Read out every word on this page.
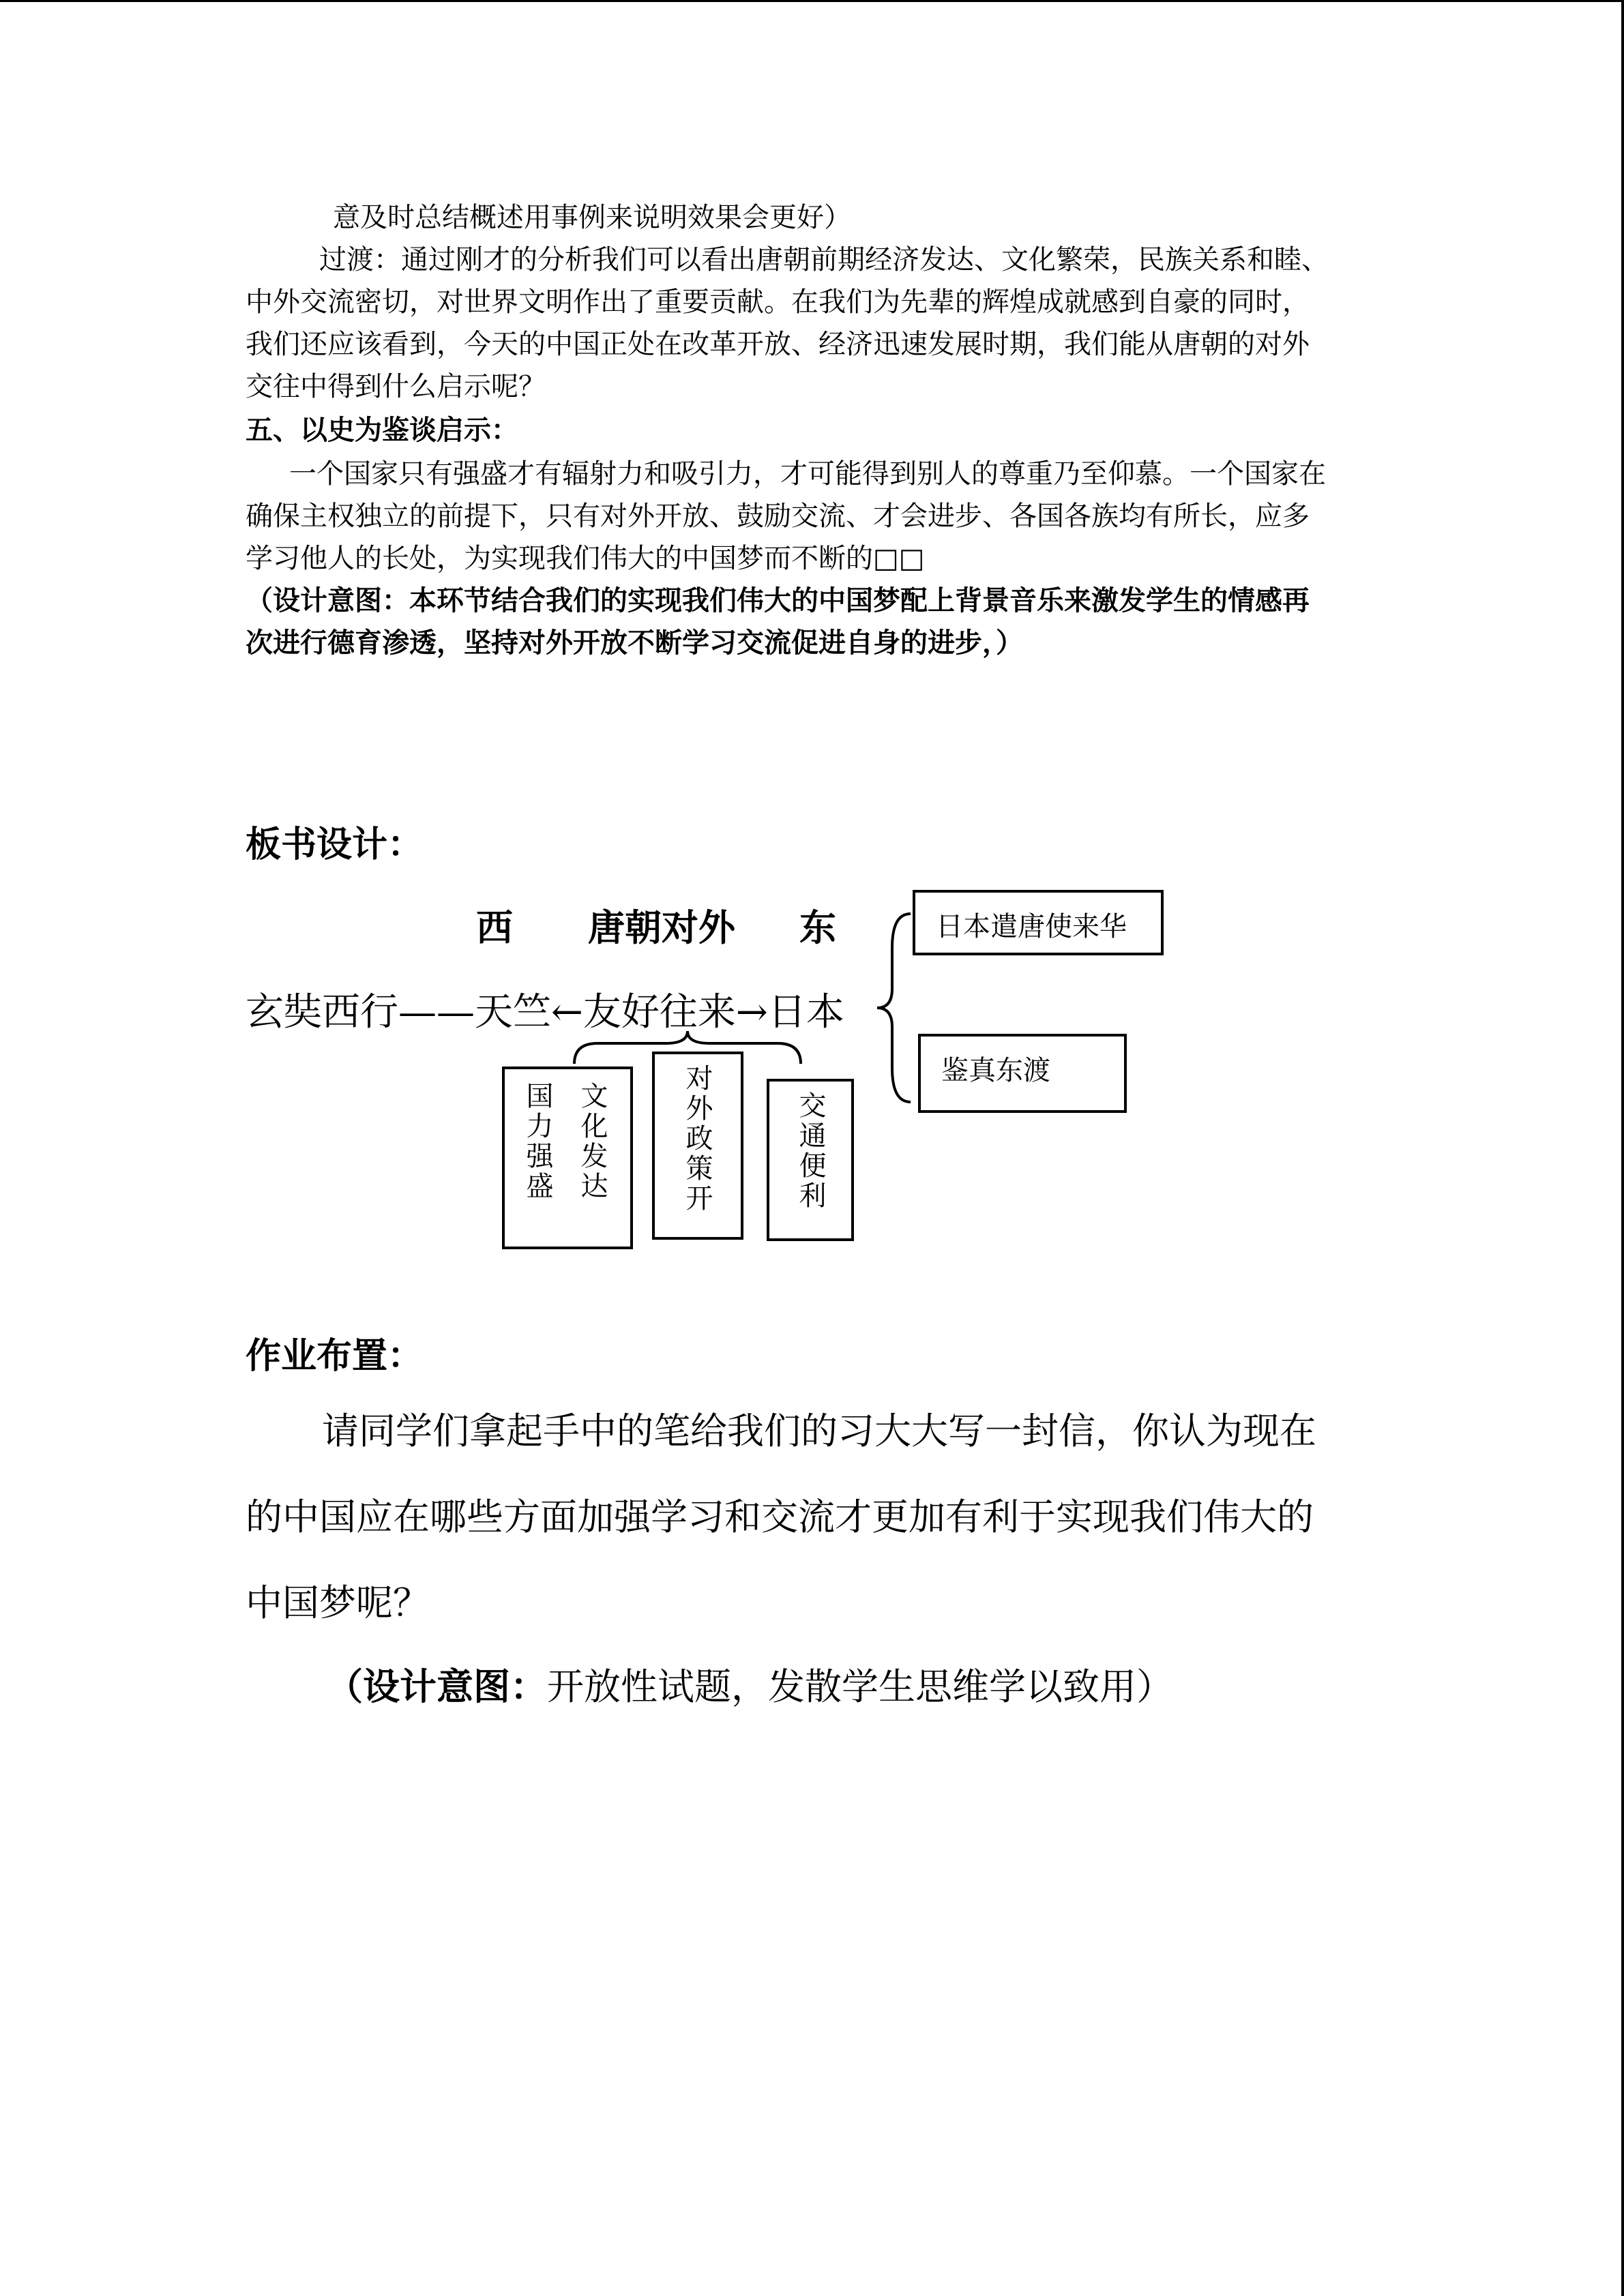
意及时总结概述用事例来说明效果会更好）
过渡：通过刚才的分析我们可以看出唐朝前期经济发达、文化繁荣，民族关系和睦、
中外交流密切，对世界文明作出了重要贡献。在我们为先辈的辉煌成就感到自豪的同时，
我们还应该看到，今天的中国正处在改革开放、经济迅速发展时期，我们能从唐朝的对外
交往中得到什么启示呢？
五、以史为鉴谈启示：
一个国家只有强盛才有辐射力和吸引力，才可能得到别人的尊重乃至仰慕。一个国家在
确保主权独立的前提下，只有对外开放、鼓励交流、才会进步、各国各族均有所长，应多
学习他人的长处，为实现我们伟大的中国梦而不断的□□
（设计意图：本环节结合我们的实现我们伟大的中国梦配上背景音乐来激发学生的情感再
次进行德育渗透，坚持对外开放不断学习交流促进自身的进步，）
板书设计：
西 唐朝对外 东
玄奘西行——天竺←友好往来→日本
日本遣唐使来华
鉴真东渡
国力强盛 文化发达	对外政策开	交通便利
作业布置：
请同学们拿起手中的笔给我们的习大大写一封信，你认为现在
的中国应在哪些方面加强学习和交流才更加有利于实现我们伟大的
中国梦呢？
（设计意图：开放性试题，发散学生思维学以致用）
